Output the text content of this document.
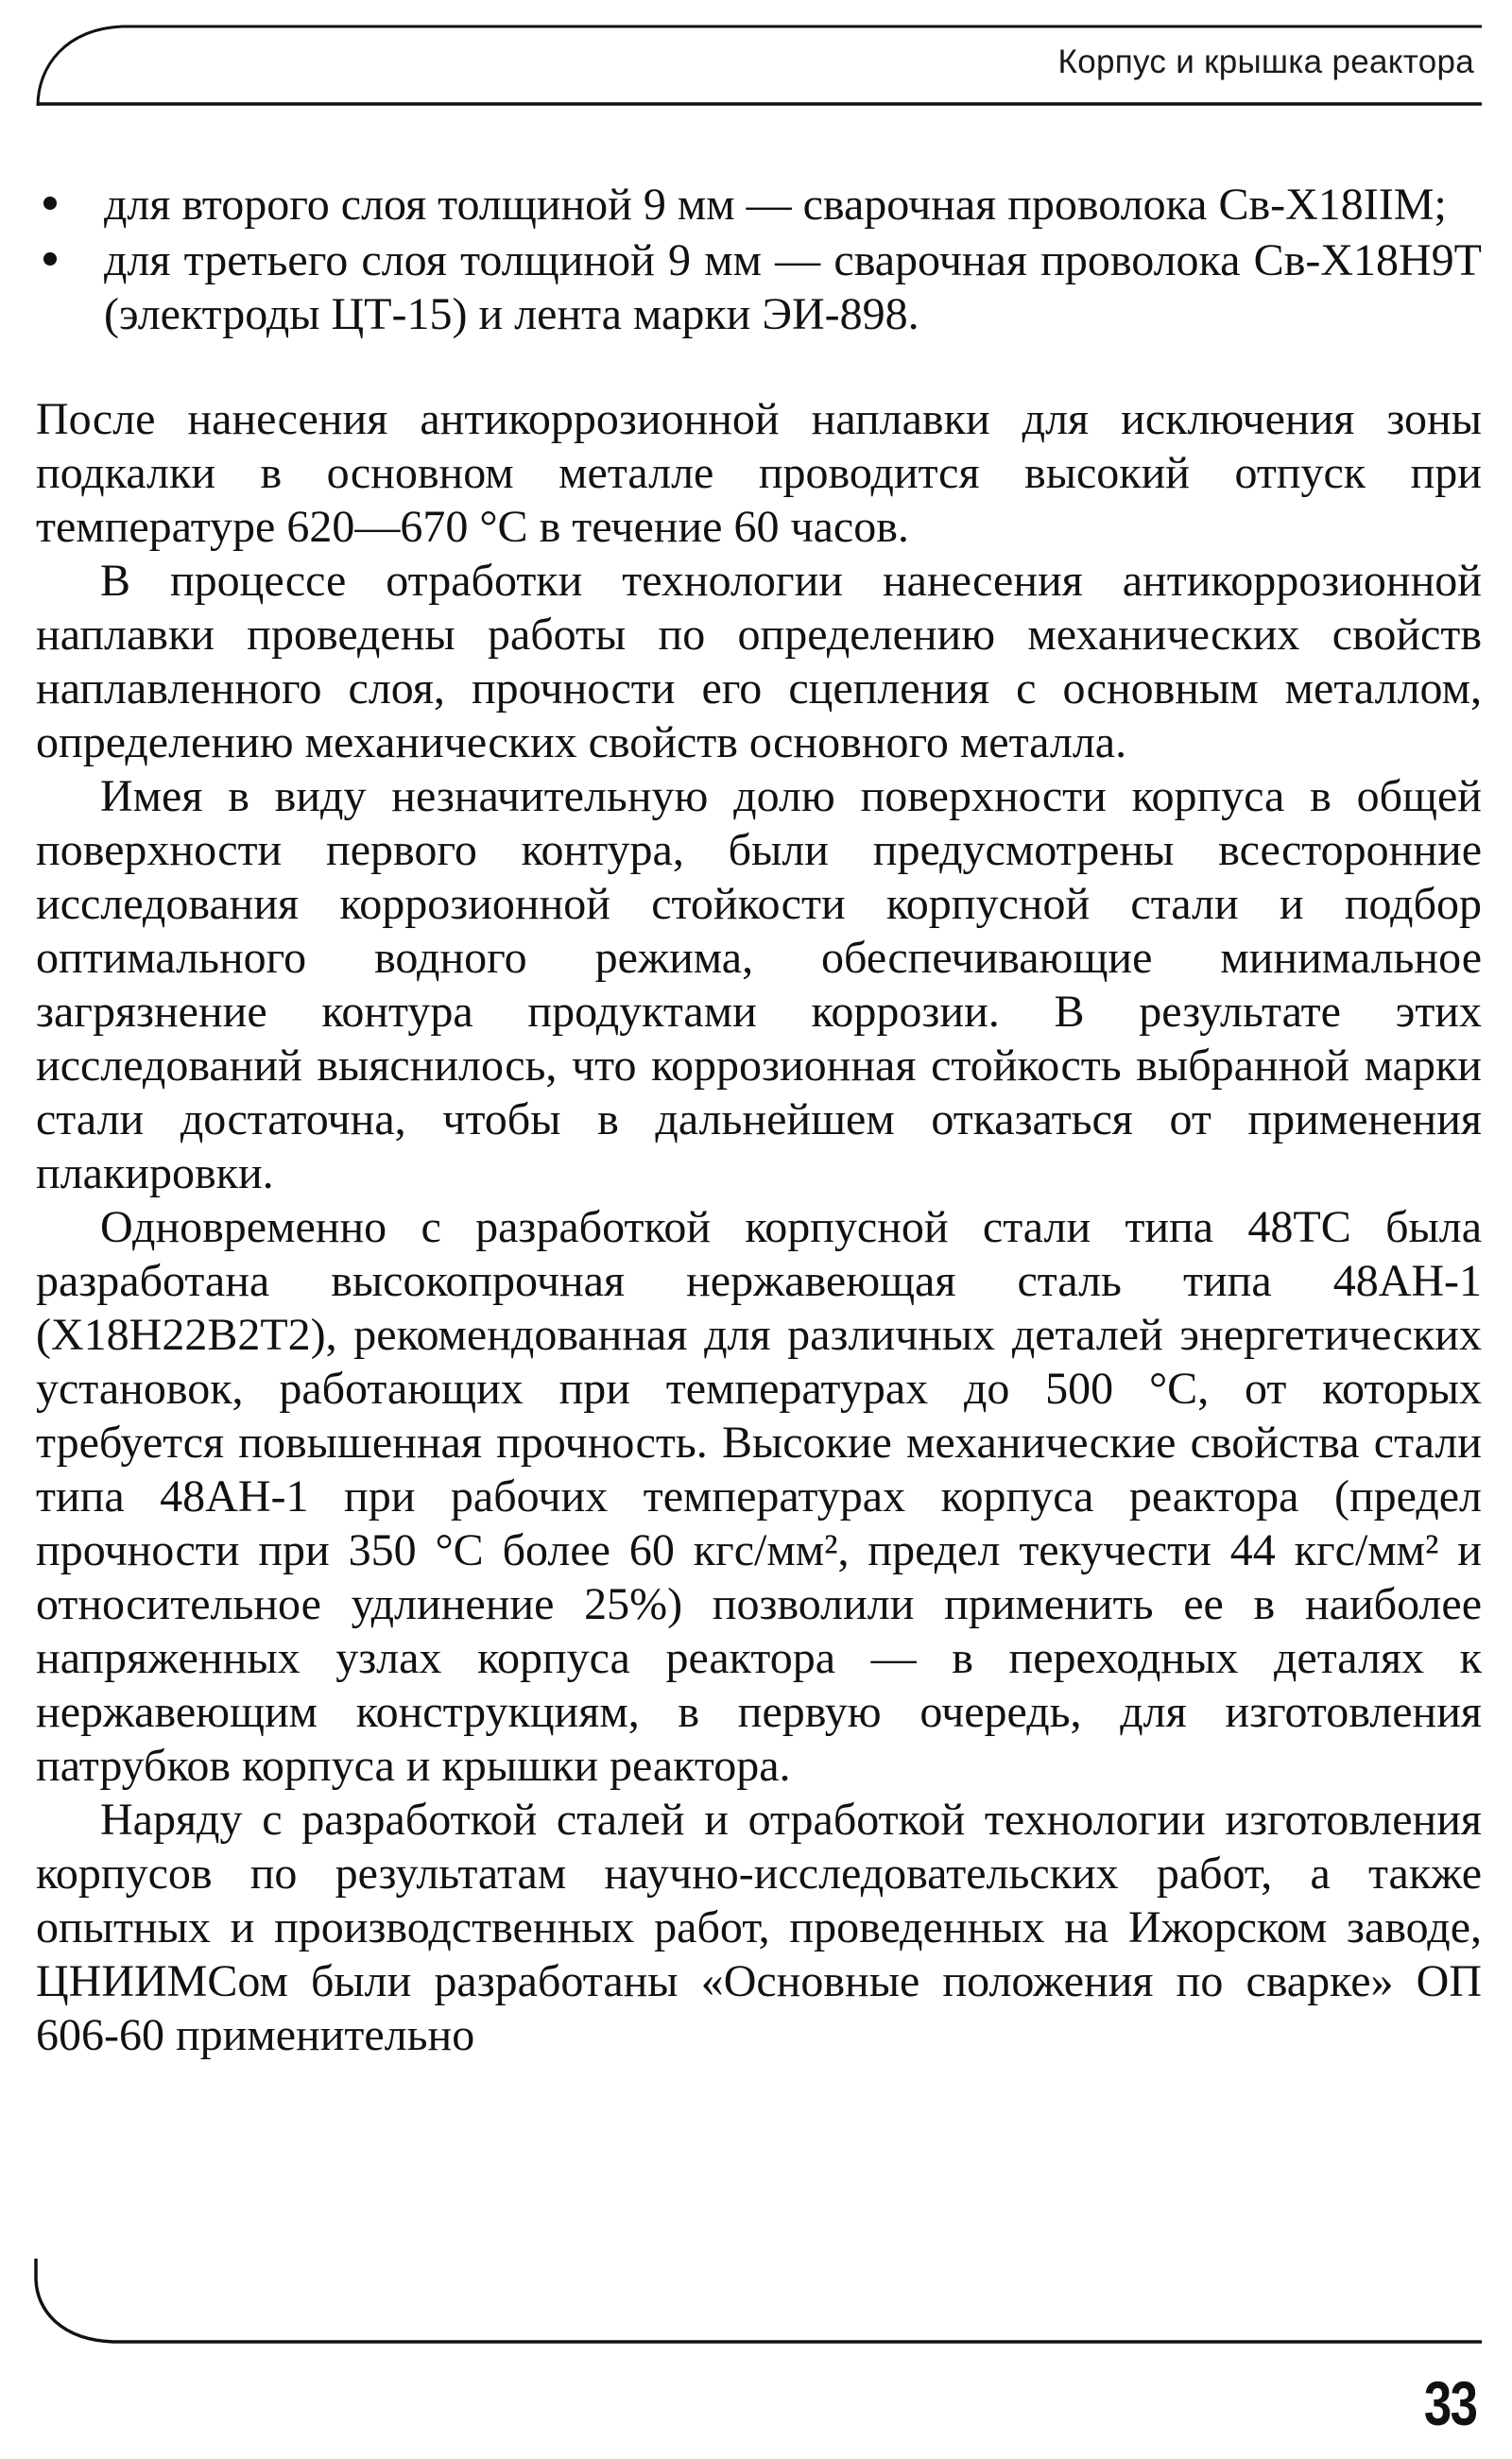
Корпус и крышка реактора
для второго слоя толщиной 9 мм — сварочная проволока Св-Х18ІІМ;
для третьего слоя толщиной 9 мм — сварочная проволока Св-Х18Н9Т (электроды ЦТ-15) и лента марки ЭИ-898.

После нанесения антикоррозионной наплавки для исключения зоны подкалки в основном металле проводится высокий отпуск при температуре 620—670 °С в течение 60 часов.

В процессе отработки технологии нанесения антикоррозионной наплавки проведены работы по определению механических свойств наплавленного слоя, прочности его сцепления с основным металлом, определению механических свойств основного металла.

Имея в виду незначительную долю поверхности корпуса в общей поверхности первого контура, были предусмотрены всесторонние исследования коррозионной стойкости корпусной стали и подбор оптимального водного режима, обеспечивающие минимальное загрязнение контура продуктами коррозии. В результате этих исследований выяснилось, что коррозионная стойкость выбранной марки стали достаточна, чтобы в дальнейшем отказаться от применения плакировки.

Одновременно с разработкой корпусной стали типа 48ТС была разработана высокопрочная нержавеющая сталь типа 48АН-1 (Х18Н22В2Т2), рекомендованная для различных деталей энергетических установок, работающих при температурах до 500 °С, от которых требуется повышенная прочность. Высокие механические свойства стали типа 48АН-1 при рабочих температурах корпуса реактора (предел прочности при 350 °С более 60 кгс/мм², предел текучести 44 кгс/мм² и относительное удлинение 25%) позволили применить ее в наиболее напряженных узлах корпуса реактора — в переходных деталях к нержавеющим конструкциям, в первую очередь, для изготовления патрубков корпуса и крышки реактора.

Наряду с разработкой сталей и отработкой технологии изготовления корпусов по результатам научно-исследовательских работ, а также опытных и производственных работ, проведенных на Ижорском заводе, ЦНИИМСом были разработаны «Основные положения по сварке» ОП 606-60 применительно

33
